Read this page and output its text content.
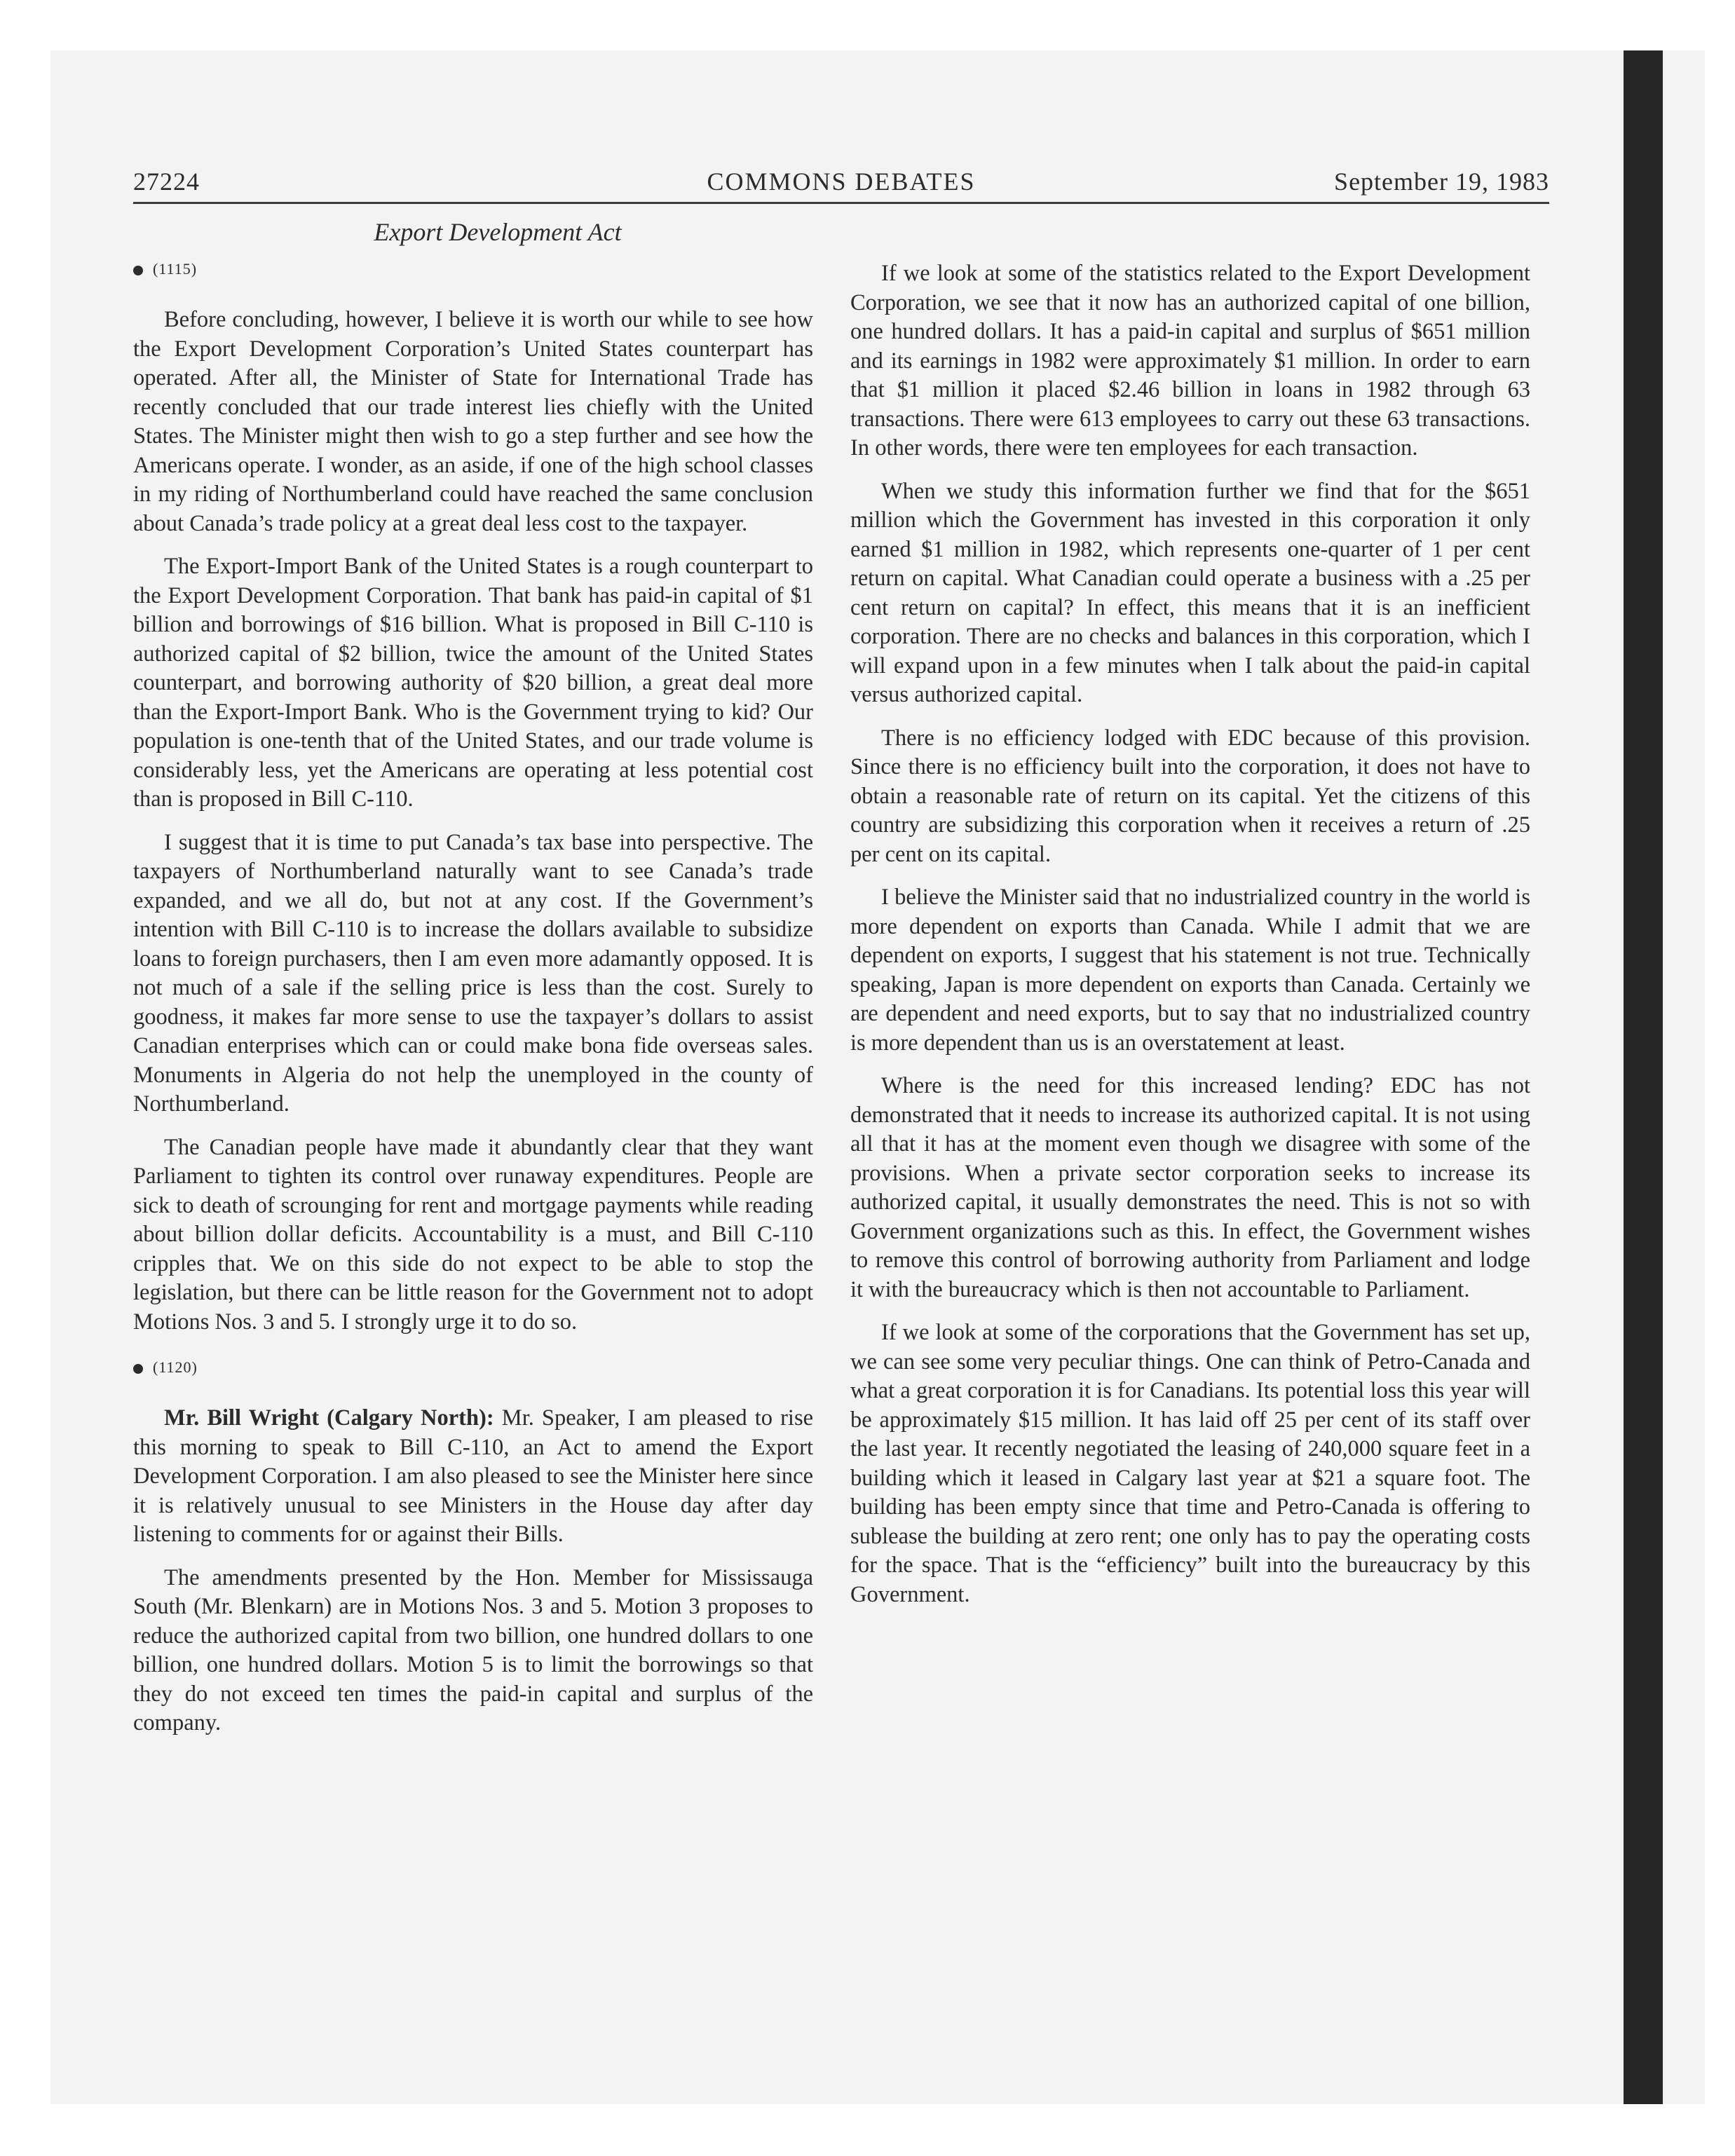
27224	COMMONS DEBATES	September 19, 1983
Export Development Act
(1115)

Before concluding, however, I believe it is worth our while to see how the Export Development Corporation’s United States counterpart has operated. After all, the Minister of State for International Trade has recently concluded that our trade interest lies chiefly with the United States. The Minister might then wish to go a step further and see how the Americans operate. I wonder, as an aside, if one of the high school classes in my riding of Northumberland could have reached the same conclusion about Canada’s trade policy at a great deal less cost to the taxpayer.

The Export-Import Bank of the United States is a rough counterpart to the Export Development Corporation. That bank has paid-in capital of $1 billion and borrowings of $16 billion. What is proposed in Bill C-110 is authorized capital of $2 billion, twice the amount of the United States counterpart, and borrowing authority of $20 billion, a great deal more than the Export-Import Bank. Who is the Government trying to kid? Our population is one-tenth that of the United States, and our trade volume is considerably less, yet the Americans are operating at less potential cost than is proposed in Bill C-110.

I suggest that it is time to put Canada’s tax base into perspective. The taxpayers of Northumberland naturally want to see Canada’s trade expanded, and we all do, but not at any cost. If the Government’s intention with Bill C-110 is to increase the dollars available to subsidize loans to foreign purchasers, then I am even more adamantly opposed. It is not much of a sale if the selling price is less than the cost. Surely to goodness, it makes far more sense to use the taxpayer’s dollars to assist Canadian enterprises which can or could make bona fide overseas sales. Monuments in Algeria do not help the unemployed in the county of Northumberland.

The Canadian people have made it abundantly clear that they want Parliament to tighten its control over runaway expenditures. People are sick to death of scrounging for rent and mortgage payments while reading about billion dollar deficits. Accountability is a must, and Bill C-110 cripples that. We on this side do not expect to be able to stop the legislation, but there can be little reason for the Government not to adopt Motions Nos. 3 and 5. I strongly urge it to do so.

(1120)

Mr. Bill Wright (Calgary North): Mr. Speaker, I am pleased to rise this morning to speak to Bill C-110, an Act to amend the Export Development Corporation. I am also pleased to see the Minister here since it is relatively unusual to see Ministers in the House day after day listening to comments for or against their Bills.

The amendments presented by the Hon. Member for Mississauga South (Mr. Blenkarn) are in Motions Nos. 3 and 5. Motion 3 proposes to reduce the authorized capital from two billion, one hundred dollars to one billion, one hundred dollars. Motion 5 is to limit the borrowings so that they do not exceed ten times the paid-in capital and surplus of the company.

If we look at some of the statistics related to the Export Development Corporation, we see that it now has an authorized capital of one billion, one hundred dollars. It has a paid-in capital and surplus of $651 million and its earnings in 1982 were approximately $1 million. In order to earn that $1 million it placed $2.46 billion in loans in 1982 through 63 transactions. There were 613 employees to carry out these 63 transactions. In other words, there were ten employees for each transaction.

When we study this information further we find that for the $651 million which the Government has invested in this corporation it only earned $1 million in 1982, which represents one-quarter of 1 per cent return on capital. What Canadian could operate a business with a .25 per cent return on capital? In effect, this means that it is an inefficient corporation. There are no checks and balances in this corporation, which I will expand upon in a few minutes when I talk about the paid-in capital versus authorized capital.

There is no efficiency lodged with EDC because of this provision. Since there is no efficiency built into the corporation, it does not have to obtain a reasonable rate of return on its capital. Yet the citizens of this country are subsidizing this corporation when it receives a return of .25 per cent on its capital.

I believe the Minister said that no industrialized country in the world is more dependent on exports than Canada. While I admit that we are dependent on exports, I suggest that his statement is not true. Technically speaking, Japan is more dependent on exports than Canada. Certainly we are dependent and need exports, but to say that no industrialized country is more dependent than us is an overstatement at least.

Where is the need for this increased lending? EDC has not demonstrated that it needs to increase its authorized capital. It is not using all that it has at the moment even though we disagree with some of the provisions. When a private sector corporation seeks to increase its authorized capital, it usually demonstrates the need. This is not so with Government organizations such as this. In effect, the Government wishes to remove this control of borrowing authority from Parliament and lodge it with the bureaucracy which is then not accountable to Parliament.

If we look at some of the corporations that the Government has set up, we can see some very peculiar things. One can think of Petro-Canada and what a great corporation it is for Canadians. Its potential loss this year will be approximately $15 million. It has laid off 25 per cent of its staff over the last year. It recently negotiated the leasing of 240,000 square feet in a building which it leased in Calgary last year at $21 a square foot. The building has been empty since that time and Petro-Canada is offering to sublease the building at zero rent; one only has to pay the operating costs for the space. That is the “efficiency” built into the bureaucracy by this Government.
